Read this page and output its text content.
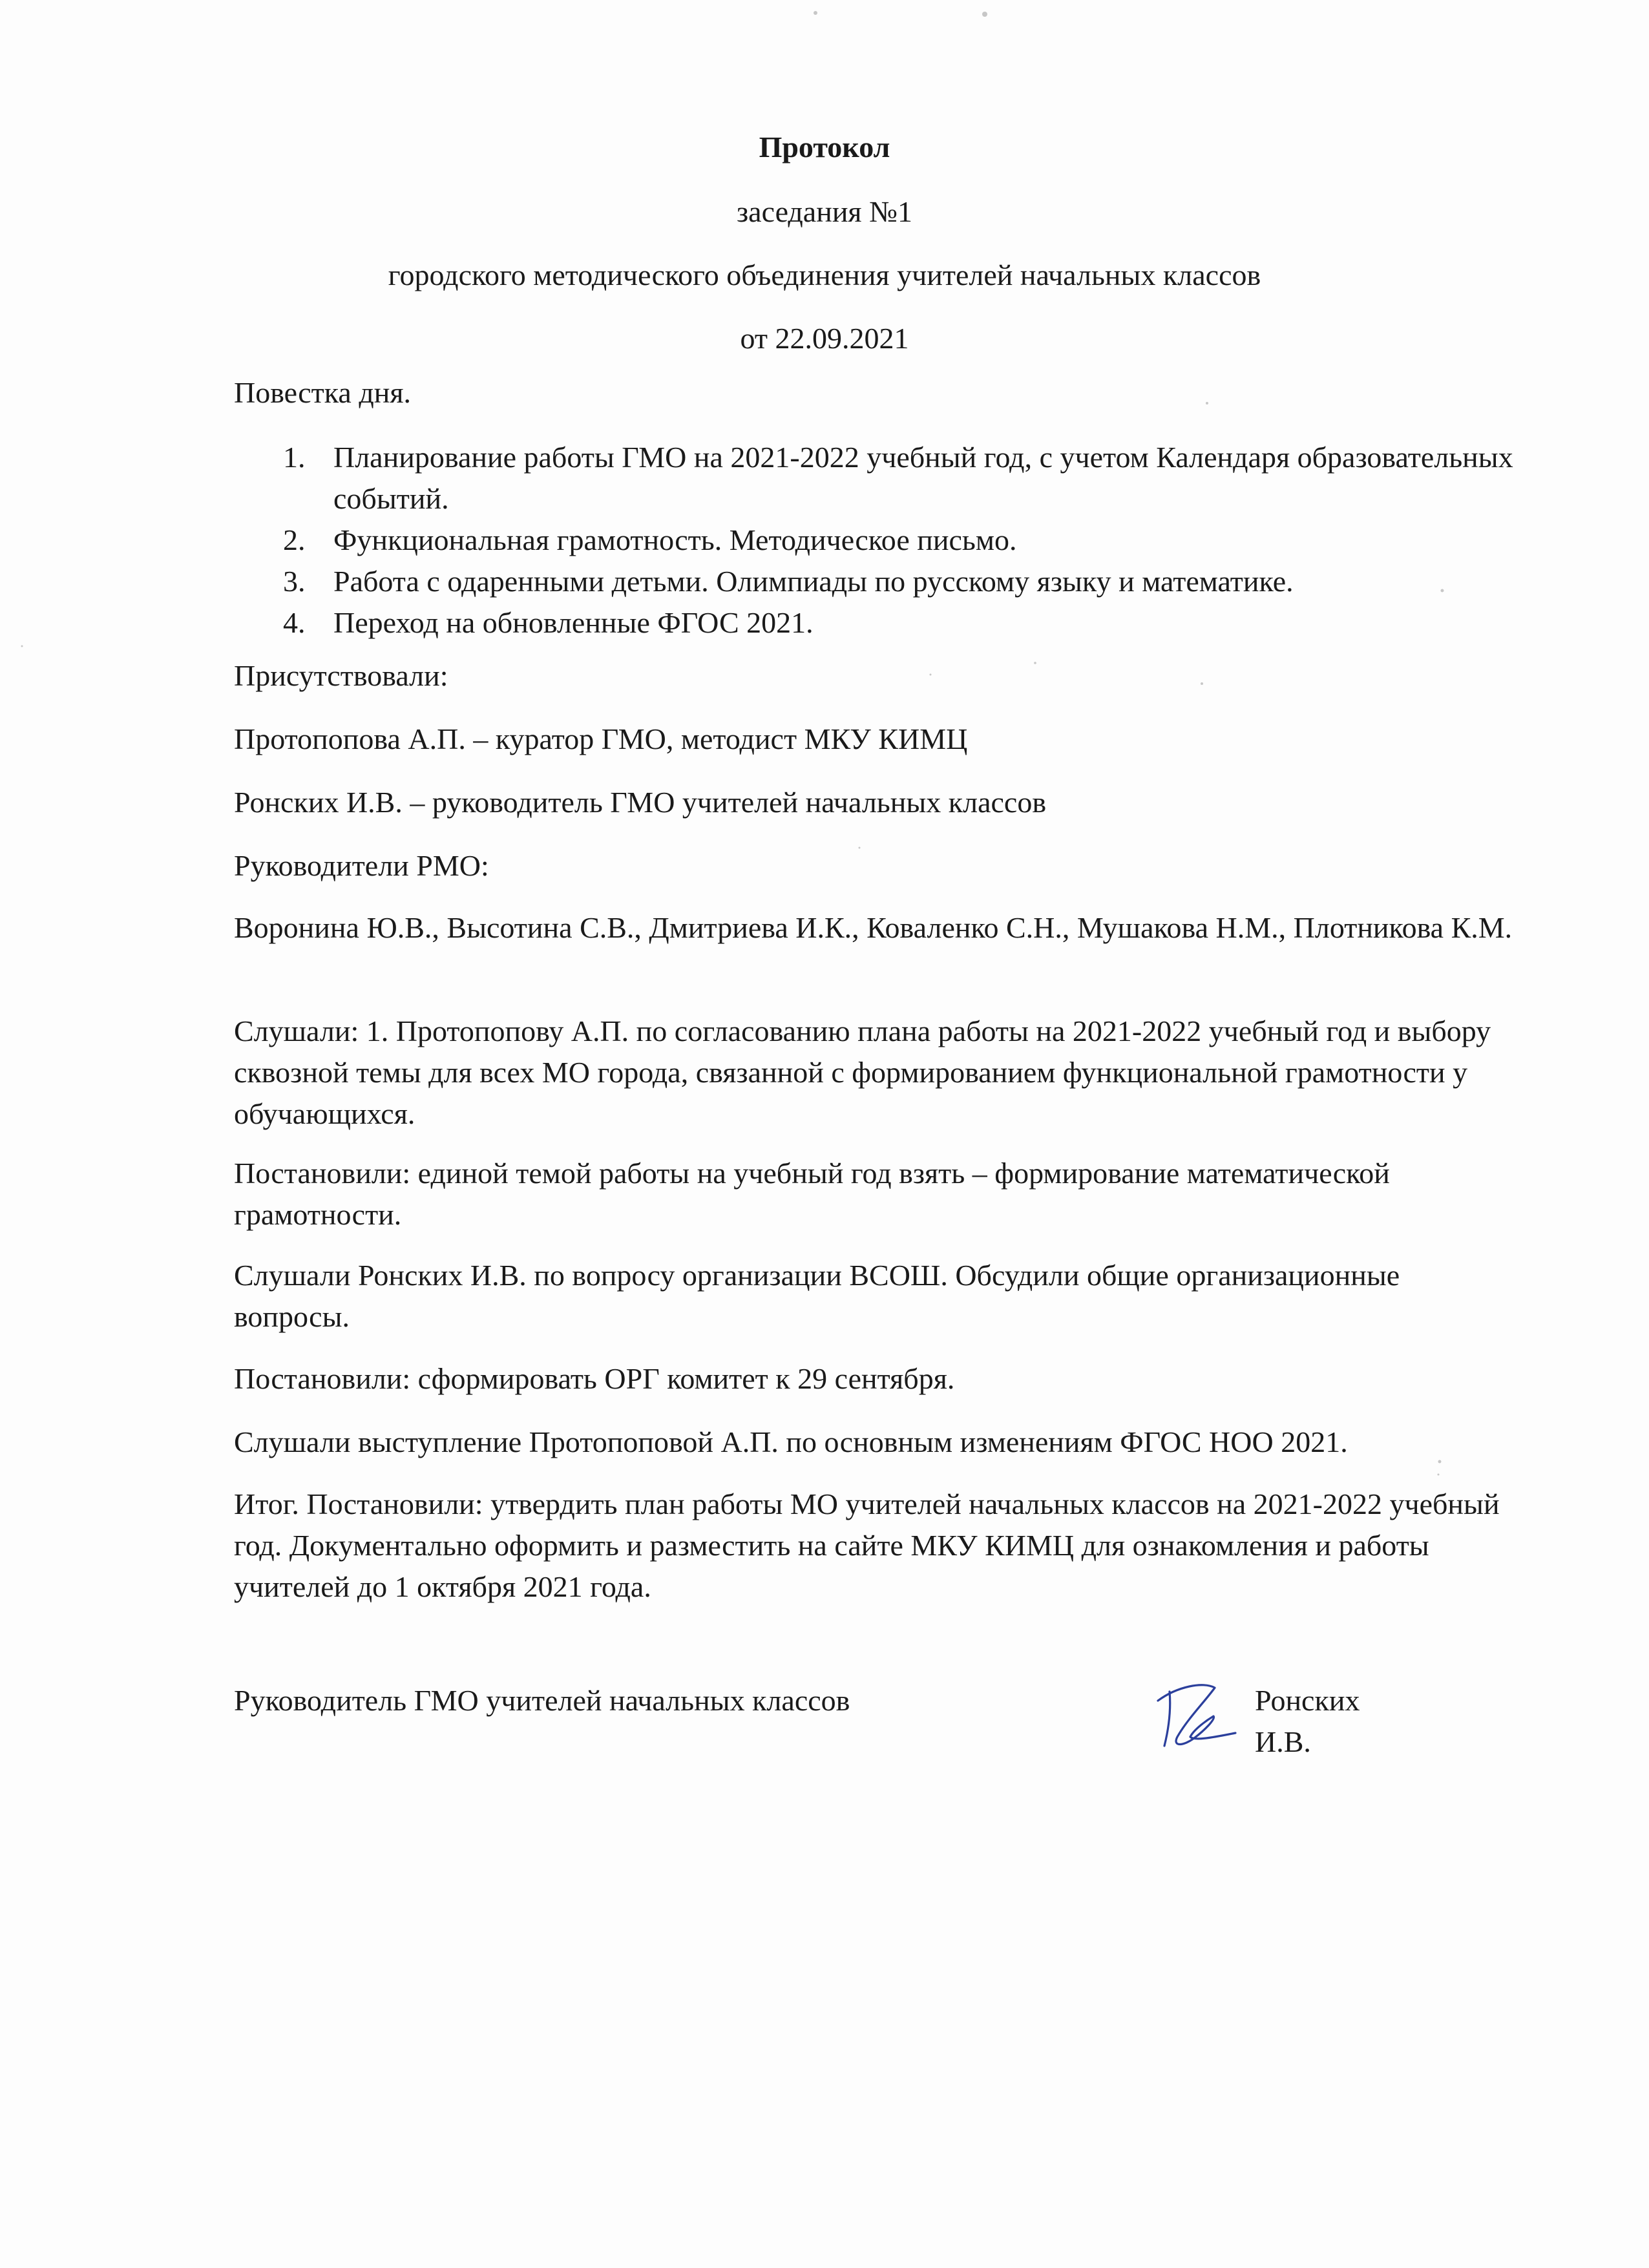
Протокол
заседания №1
городского методического объединения учителей начальных классов
от 22.09.2021
Повестка дня.
1. Планирование работы ГМО на 2021-2022 учебный год, с учетом Календаря образовательных событий.
2. Функциональная грамотность. Методическое письмо.
3. Работа с одаренными детьми. Олимпиады по русскому языку и математике.
4. Переход на обновленные ФГОС 2021.
Присутствовали:
Протопопова А.П. – куратор ГМО, методист МКУ КИМЦ
Ронских И.В. – руководитель ГМО учителей начальных классов
Руководители РМО:
Воронина Ю.В., Высотина С.В., Дмитриева И.К., Коваленко С.Н., Мушакова Н.М., Плотникова К.М.
Слушали: 1. Протопопову А.П. по согласованию плана работы на 2021-2022 учебный год и выбору сквозной темы для всех МО города, связанной с формированием функциональной грамотности у обучающихся.
Постановили: единой темой работы на учебный год взять – формирование математической грамотности.
Слушали Ронских И.В. по вопросу организации ВСОШ. Обсудили общие организационные вопросы.
Постановили: сформировать ОРГ комитет к 29 сентября.
Слушали выступление Протопоповой А.П. по основным изменениям ФГОС НОО 2021.
Итог. Постановили: утвердить план работы МО учителей начальных классов на 2021-2022 учебный год. Документально оформить и разместить на сайте МКУ КИМЦ для ознакомления и работы учителей до 1 октября 2021 года.
Руководитель ГМО учителей начальных классов	Ронских И.В.
